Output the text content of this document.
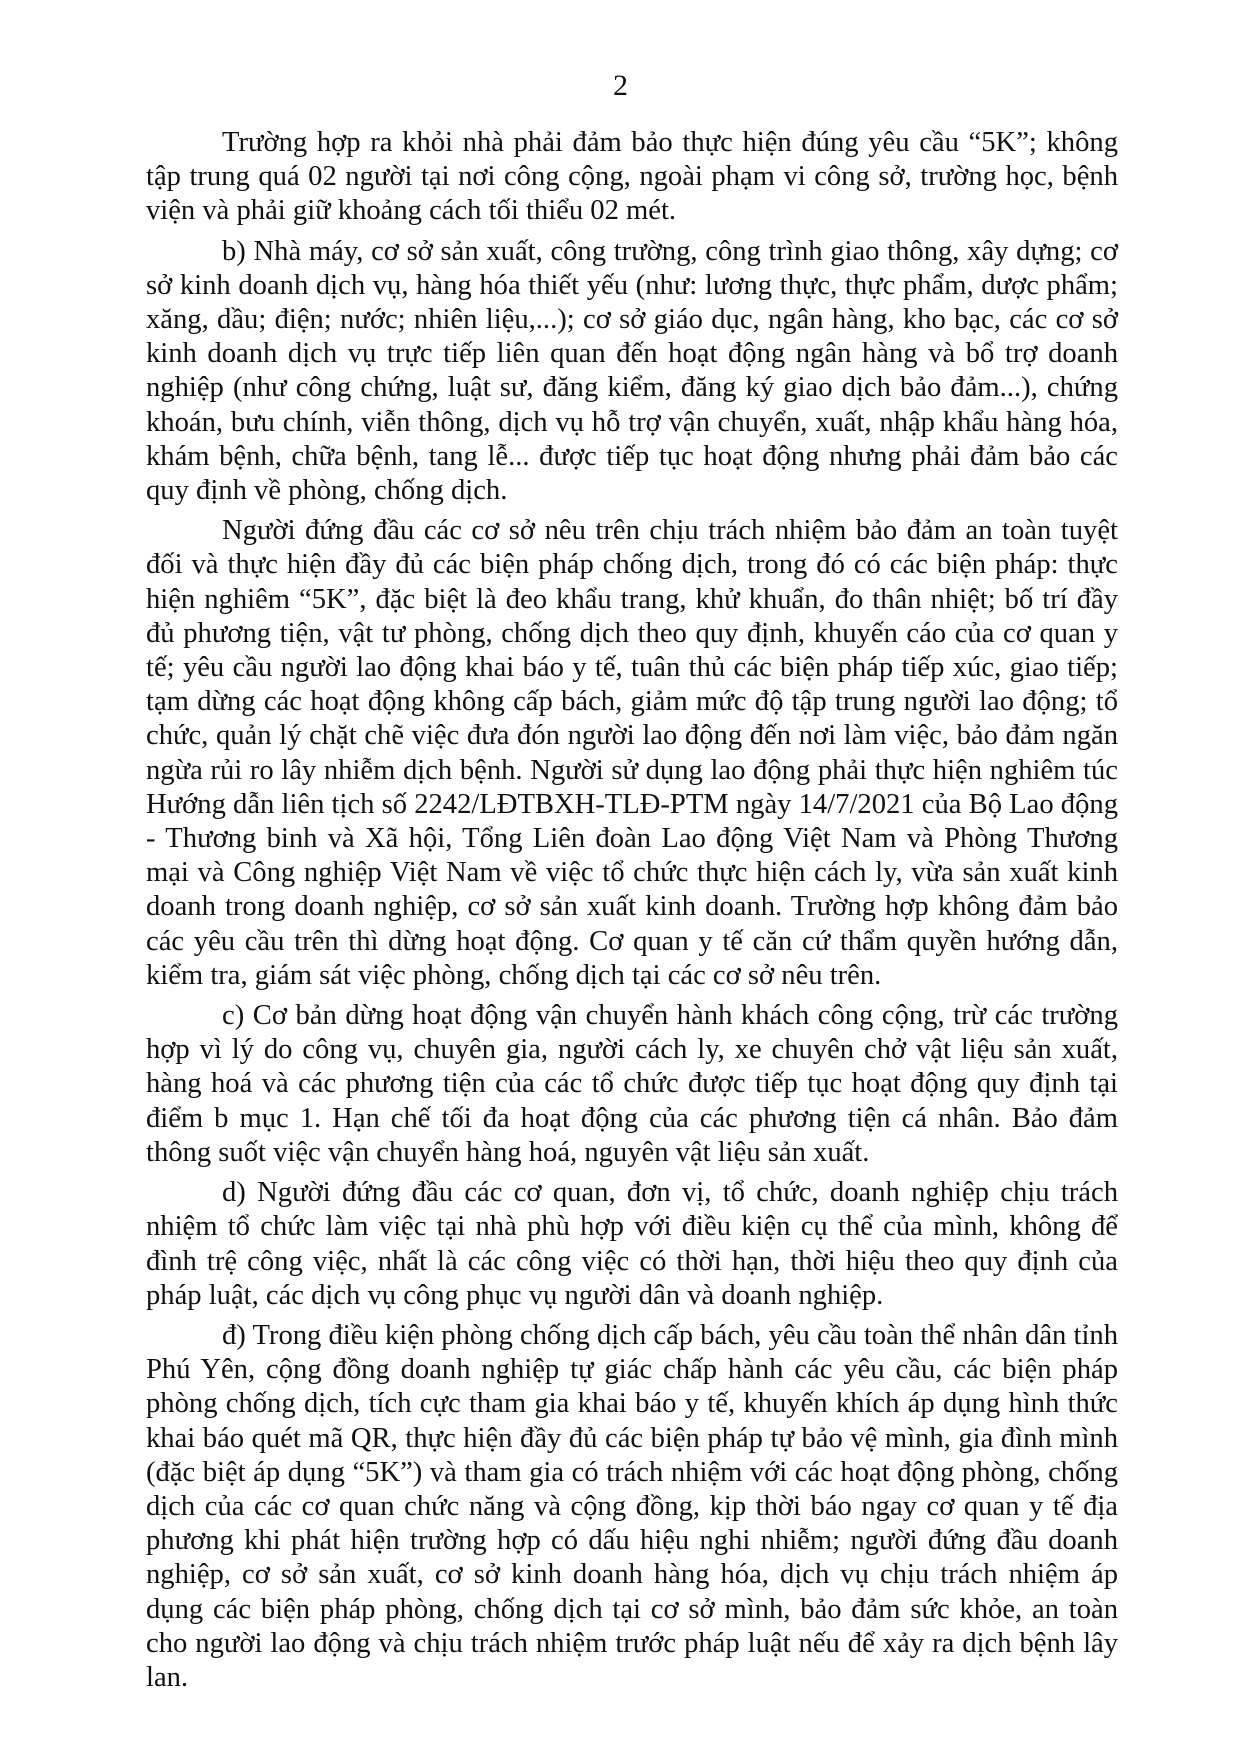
2

Trường hợp ra khỏi nhà phải đảm bảo thực hiện đúng yêu cầu “5K”; không tập trung quá 02 người tại nơi công cộng, ngoài phạm vi công sở, trường học, bệnh viện và phải giữ khoảng cách tối thiểu 02 mét.

b) Nhà máy, cơ sở sản xuất, công trường, công trình giao thông, xây dựng; cơ sở kinh doanh dịch vụ, hàng hóa thiết yếu (như: lương thực, thực phẩm, dược phẩm; xăng, dầu; điện; nước; nhiên liệu,...); cơ sở giáo dục, ngân hàng, kho bạc, các cơ sở kinh doanh dịch vụ trực tiếp liên quan đến hoạt động ngân hàng và bổ trợ doanh nghiệp (như công chứng, luật sư, đăng kiểm, đăng ký giao dịch bảo đảm...), chứng khoán, bưu chính, viễn thông, dịch vụ hỗ trợ vận chuyển, xuất, nhập khẩu hàng hóa, khám bệnh, chữa bệnh, tang lễ... được tiếp tục hoạt động nhưng phải đảm bảo các quy định về phòng, chống dịch.

Người đứng đầu các cơ sở nêu trên chịu trách nhiệm bảo đảm an toàn tuyệt đối và thực hiện đầy đủ các biện pháp chống dịch, trong đó có các biện pháp: thực hiện nghiêm “5K”, đặc biệt là đeo khẩu trang, khử khuẩn, đo thân nhiệt; bố trí đầy đủ phương tiện, vật tư phòng, chống dịch theo quy định, khuyến cáo của cơ quan y tế; yêu cầu người lao động khai báo y tế, tuân thủ các biện pháp tiếp xúc, giao tiếp; tạm dừng các hoạt động không cấp bách, giảm mức độ tập trung người lao động; tổ chức, quản lý chặt chẽ việc đưa đón người lao động đến nơi làm việc, bảo đảm ngăn ngừa rủi ro lây nhiễm dịch bệnh. Người sử dụng lao động phải thực hiện nghiêm túc Hướng dẫn liên tịch số 2242/LĐTBXH-TLĐ-PTM ngày 14/7/2021 của Bộ Lao động - Thương binh và Xã hội, Tổng Liên đoàn Lao động Việt Nam và Phòng Thương mại và Công nghiệp Việt Nam về việc tổ chức thực hiện cách ly, vừa sản xuất kinh doanh trong doanh nghiệp, cơ sở sản xuất kinh doanh. Trường hợp không đảm bảo các yêu cầu trên thì dừng hoạt động. Cơ quan y tế căn cứ thẩm quyền hướng dẫn, kiểm tra, giám sát việc phòng, chống dịch tại các cơ sở nêu trên.

c) Cơ bản dừng hoạt động vận chuyển hành khách công cộng, trừ các trường hợp vì lý do công vụ, chuyên gia, người cách ly, xe chuyên chở vật liệu sản xuất, hàng hoá và các phương tiện của các tổ chức được tiếp tục hoạt động quy định tại điểm b mục 1. Hạn chế tối đa hoạt động của các phương tiện cá nhân. Bảo đảm thông suốt việc vận chuyển hàng hoá, nguyên vật liệu sản xuất.

d) Người đứng đầu các cơ quan, đơn vị, tổ chức, doanh nghiệp chịu trách nhiệm tổ chức làm việc tại nhà phù hợp với điều kiện cụ thể của mình, không để đình trệ công việc, nhất là các công việc có thời hạn, thời hiệu theo quy định của pháp luật, các dịch vụ công phục vụ người dân và doanh nghiệp.

đ) Trong điều kiện phòng chống dịch cấp bách, yêu cầu toàn thể nhân dân tỉnh Phú Yên, cộng đồng doanh nghiệp tự giác chấp hành các yêu cầu, các biện pháp phòng chống dịch, tích cực tham gia khai báo y tế, khuyến khích áp dụng hình thức khai báo quét mã QR, thực hiện đầy đủ các biện pháp tự bảo vệ mình, gia đình mình (đặc biệt áp dụng “5K”) và tham gia có trách nhiệm với các hoạt động phòng, chống dịch của các cơ quan chức năng và cộng đồng, kịp thời báo ngay cơ quan y tế địa phương khi phát hiện trường hợp có dấu hiệu nghi nhiễm; người đứng đầu doanh nghiệp, cơ sở sản xuất, cơ sở kinh doanh hàng hóa, dịch vụ chịu trách nhiệm áp dụng các biện pháp phòng, chống dịch tại cơ sở mình, bảo đảm sức khỏe, an toàn cho người lao động và chịu trách nhiệm trước pháp luật nếu để xảy ra dịch bệnh lây lan.
